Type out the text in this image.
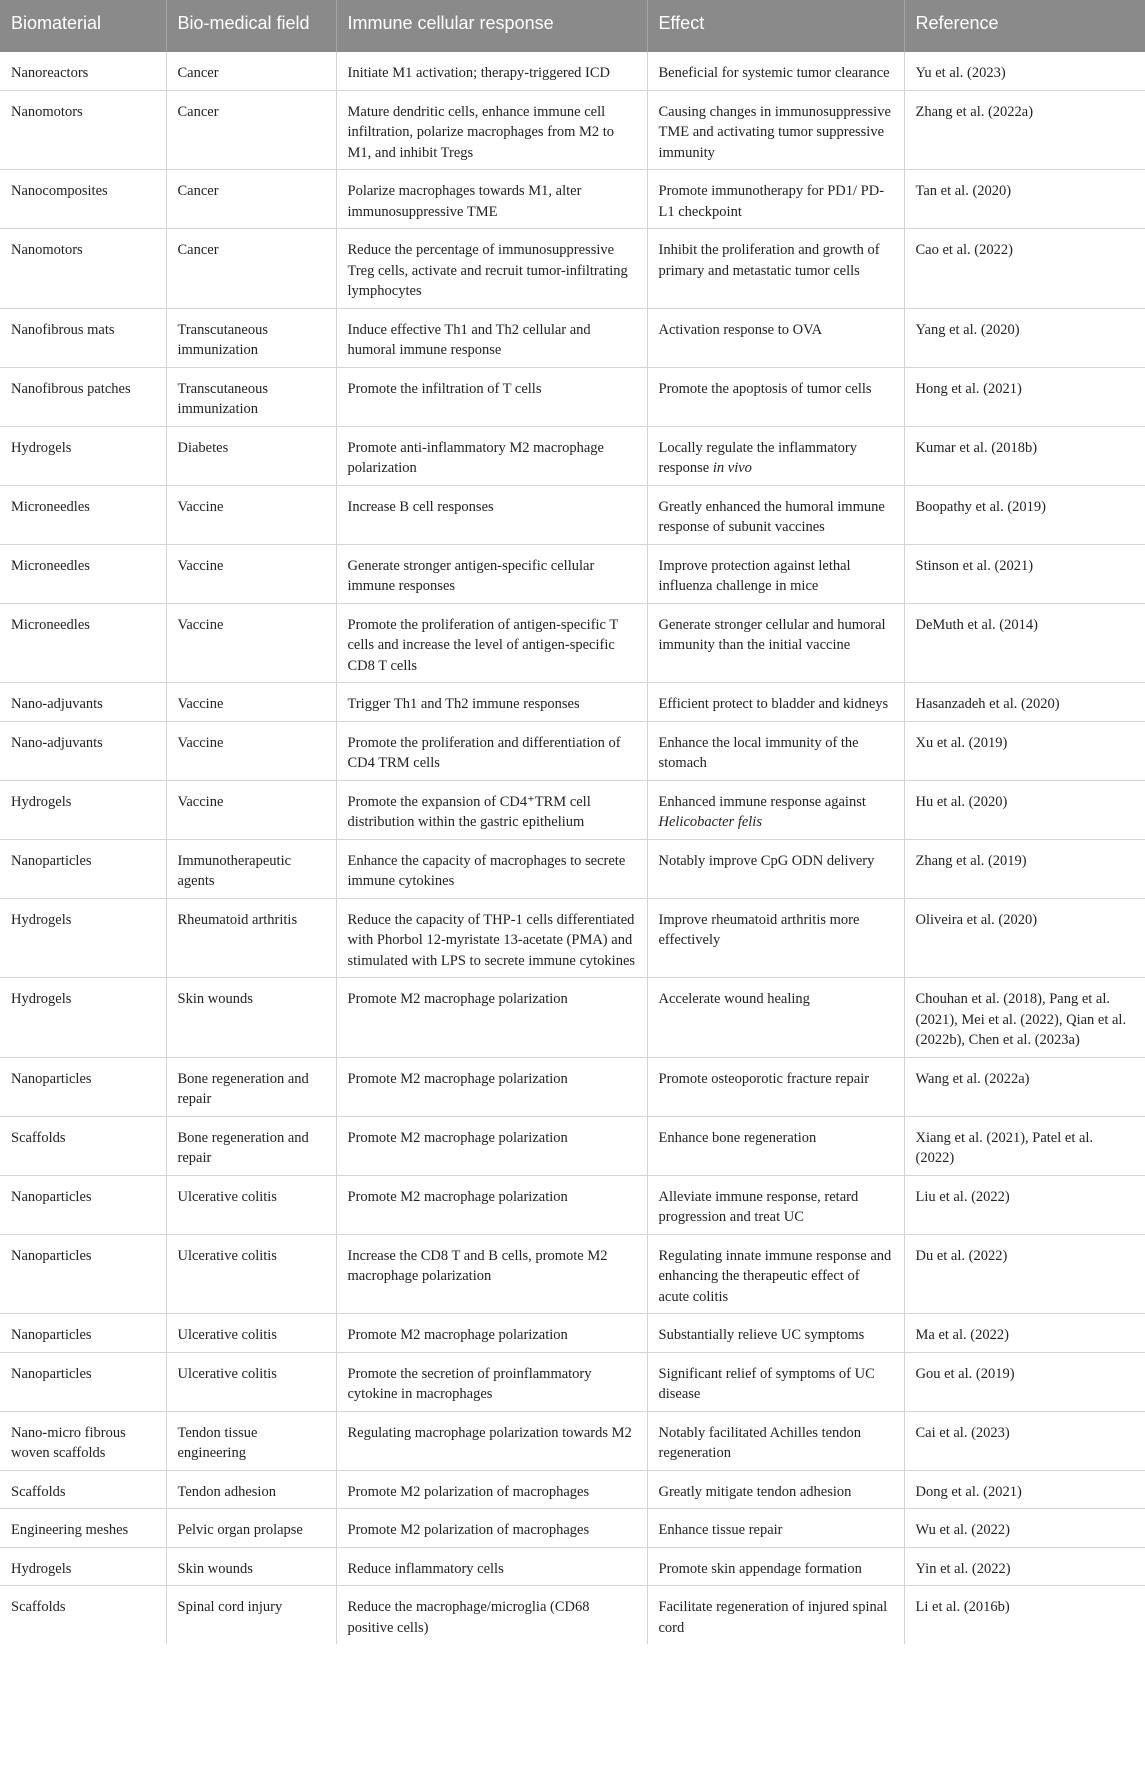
Biomaterial	Bio-medical field	Immune cellular response	Effect	Reference
Nanoreactors	Cancer	Initiate M1 activation; therapy-triggered ICD	Beneficial for systemic tumor clearance	Yu et al. (2023)
Nanomotors	Cancer	Mature dendritic cells, enhance immune cell infiltration, polarize macrophages from M2 to M1, and inhibit Tregs	Causing changes in immunosuppressive TME and activating tumor suppressive immunity	Zhang et al. (2022a)
Nanocomposites	Cancer	Polarize macrophages towards M1, alter immunosuppressive TME	Promote immunotherapy for PD1/ PD-L1 checkpoint	Tan et al. (2020)
Nanomotors	Cancer	Reduce the percentage of immunosuppressive Treg cells, activate and recruit tumor-infiltrating lymphocytes	Inhibit the proliferation and growth of primary and metastatic tumor cells	Cao et al. (2022)
Nanofibrous mats	Transcutaneous immunization	Induce effective Th1 and Th2 cellular and humoral immune response	Activation response to OVA	Yang et al. (2020)
Nanofibrous patches	Transcutaneous immunization	Promote the infiltration of T cells	Promote the apoptosis of tumor cells	Hong et al. (2021)
Hydrogels	Diabetes	Promote anti-inflammatory M2 macrophage polarization	Locally regulate the inflammatory response in vivo	Kumar et al. (2018b)
Microneedles	Vaccine	Increase B cell responses	Greatly enhanced the humoral immune response of subunit vaccines	Boopathy et al. (2019)
Microneedles	Vaccine	Generate stronger antigen-specific cellular immune responses	Improve protection against lethal influenza challenge in mice	Stinson et al. (2021)
Microneedles	Vaccine	Promote the proliferation of antigen-specific T cells and increase the level of antigen-specific CD8 T cells	Generate stronger cellular and humoral immunity than the initial vaccine	DeMuth et al. (2014)
Nano-adjuvants	Vaccine	Trigger Th1 and Th2 immune responses	Efficient protect to bladder and kidneys	Hasanzadeh et al. (2020)
Nano-adjuvants	Vaccine	Promote the proliferation and differentiation of CD4 TRM cells	Enhance the local immunity of the stomach	Xu et al. (2019)
Hydrogels	Vaccine	Promote the expansion of CD4⁺TRM cell distribution within the gastric epithelium	Enhanced immune response against Helicobacter felis	Hu et al. (2020)
Nanoparticles	Immunotherapeutic agents	Enhance the capacity of macrophages to secrete immune cytokines	Notably improve CpG ODN delivery	Zhang et al. (2019)
Hydrogels	Rheumatoid arthritis	Reduce the capacity of THP-1 cells differentiated with Phorbol 12-myristate 13-acetate (PMA) and stimulated with LPS to secrete immune cytokines	Improve rheumatoid arthritis more effectively	Oliveira et al. (2020)
Hydrogels	Skin wounds	Promote M2 macrophage polarization	Accelerate wound healing	Chouhan et al. (2018), Pang et al. (2021), Mei et al. (2022), Qian et al. (2022b), Chen et al. (2023a)
Nanoparticles	Bone regeneration and repair	Promote M2 macrophage polarization	Promote osteoporotic fracture repair	Wang et al. (2022a)
Scaffolds	Bone regeneration and repair	Promote M2 macrophage polarization	Enhance bone regeneration	Xiang et al. (2021), Patel et al. (2022)
Nanoparticles	Ulcerative colitis	Promote M2 macrophage polarization	Alleviate immune response, retard progression and treat UC	Liu et al. (2022)
Nanoparticles	Ulcerative colitis	Increase the CD8 T and B cells, promote M2 macrophage polarization	Regulating innate immune response and enhancing the therapeutic effect of acute colitis	Du et al. (2022)
Nanoparticles	Ulcerative colitis	Promote M2 macrophage polarization	Substantially relieve UC symptoms	Ma et al. (2022)
Nanoparticles	Ulcerative colitis	Promote the secretion of proinflammatory cytokine in macrophages	Significant relief of symptoms of UC disease	Gou et al. (2019)
Nano-micro fibrous woven scaffolds	Tendon tissue engineering	Regulating macrophage polarization towards M2	Notably facilitated Achilles tendon regeneration	Cai et al. (2023)
Scaffolds	Tendon adhesion	Promote M2 polarization of macrophages	Greatly mitigate tendon adhesion	Dong et al. (2021)
Engineering meshes	Pelvic organ prolapse	Promote M2 polarization of macrophages	Enhance tissue repair	Wu et al. (2022)
Hydrogels	Skin wounds	Reduce inflammatory cells	Promote skin appendage formation	Yin et al. (2022)
Scaffolds	Spinal cord injury	Reduce the macrophage/microglia (CD68 positive cells)	Facilitate regeneration of injured spinal cord	Li et al. (2016b)
